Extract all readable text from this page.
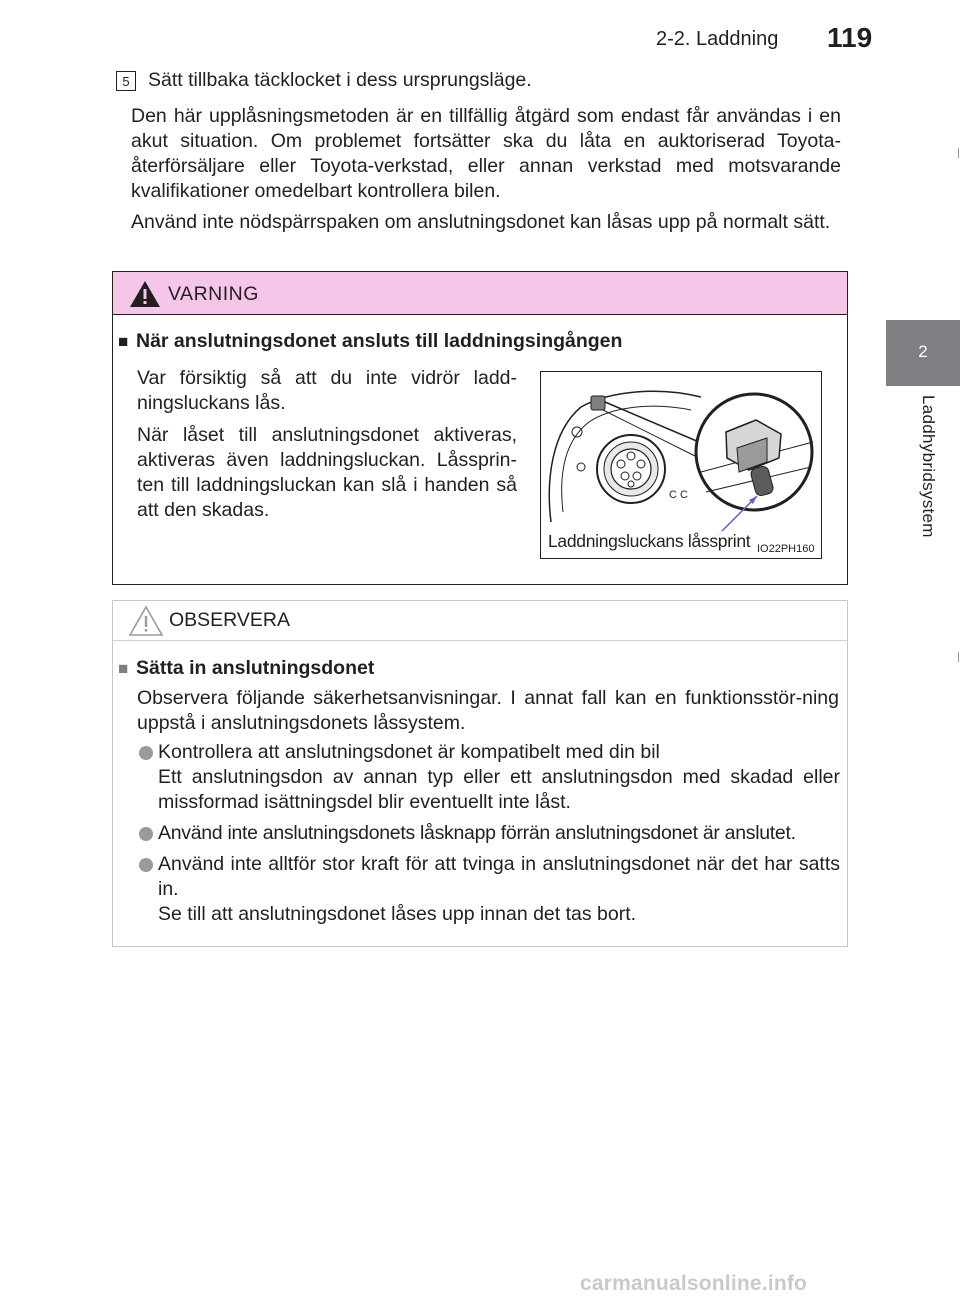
2-2. Laddning 119
2
Laddhybridsystem
5 Sätt tillbaka täcklocket i dess ursprungsläge.
Den här upplåsningsmetoden är en tillfällig åtgärd som endast får användas i en akut situation. Om problemet fortsätter ska du låta en auktoriserad Toyota-återförsäljare eller Toyota-verkstad, eller annan verkstad med motsvarande kvalifikationer omedelbart kontrollera bilen.
Använd inte nödspärrspaken om anslutningsdonet kan låsas upp på normalt sätt.
VARNING
■ När anslutningsdonet ansluts till laddningsingången
Var försiktig så att du inte vidrör ladd-ningsluckans lås.
När låset till anslutningsdonet aktiveras, aktiveras även laddningsluckan. Låssprin-ten till laddningsluckan kan slå i handen så att den skadas.
C C
Laddningsluckans låssprint IO22PH160
OBSERVERA
■ Sätta in anslutningsdonet
Observera följande säkerhetsanvisningar. I annat fall kan en funktionsstör-ning uppstå i anslutningsdonets låssystem.
Kontrollera att anslutningsdonet är kompatibelt med din bil
Ett anslutningsdon av annan typ eller ett anslutningsdon med skadad eller missformad isättningsdel blir eventuellt inte låst.
Använd inte anslutningsdonets låsknapp förrän anslutningsdonet är anslutet.
Använd inte alltför stor kraft för att tvinga in anslutningsdonet när det har satts in.
Se till att anslutningsdonet låses upp innan det tas bort.
carmanualsonline.info
